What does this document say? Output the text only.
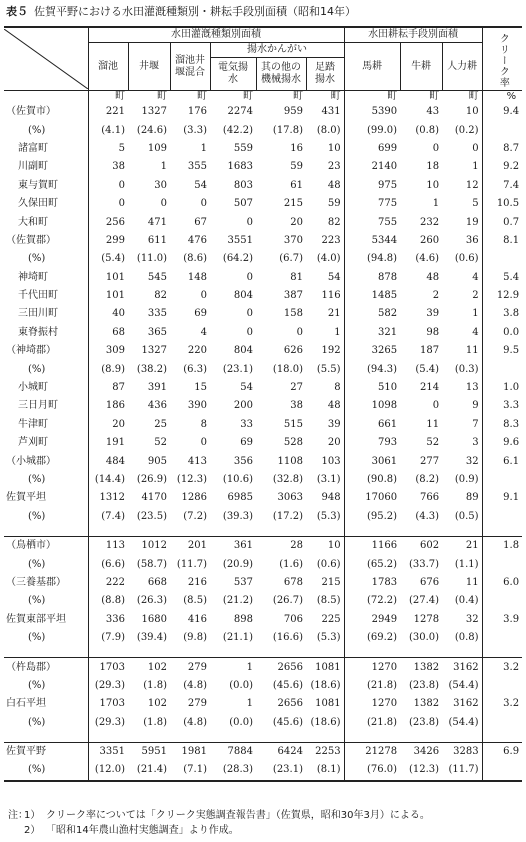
表５ 佐賀平野における水田灌漑種類別・耕耘手段別面積（昭和14年）
	水田灌漑種類別面積						水田耕耘手段別面積			クリーク率
	溜池	井堰	溜池井堰混合	揚水かんがい			馬耕	牛耕	人力耕	
				電気揚水	其の他の機械揚水	足踏揚水				
	町	町	町	町	町	町	町	町	町	%
（佐賀市）	221	1327	176	2274	959	431	5390	43	10	9.4
(%)	(4.1)	(24.6)	(3.3)	(42.2)	(17.8)	(8.0)	(99.0)	(0.8)	(0.2)	
諸富町	5	109	1	559	16	10	699	0	0	8.7
川副町	38	1	355	1683	59	23	2140	18	1	9.2
東与賀町	0	30	54	803	61	48	975	10	12	7.4
久保田町	0	0	0	507	215	59	775	1	5	10.5
大和町	256	471	67	0	20	82	755	232	19	0.7
（佐賀郡）	299	611	476	3551	370	223	5344	260	36	8.1
(%)	(5.4)	(11.0)	(8.6)	(64.2)	(6.7)	(4.0)	(94.8)	(4.6)	(0.6)	
神埼町	101	545	148	0	81	54	878	48	4	5.4
千代田町	101	82	0	804	387	116	1485	2	2	12.9
三田川町	40	335	69	0	158	21	582	39	1	3.8
東脊振村	68	365	4	0	0	1	321	98	4	0.0
（神埼郡）	309	1327	220	804	626	192	3265	187	11	9.5
(%)	(8.9)	(38.2)	(6.3)	(23.1)	(18.0)	(5.5)	(94.3)	(5.4)	(0.3)	
小城町	87	391	15	54	27	8	510	214	13	1.0
三日月町	186	436	390	200	38	48	1098	0	9	3.3
牛津町	20	25	8	33	515	39	661	11	7	8.3
芦刈町	191	52	0	69	528	20	793	52	3	9.6
（小城郡）	484	905	413	356	1108	103	3061	277	32	6.1
(%)	(14.4)	(26.9)	(12.3)	(10.6)	(32.8)	(3.1)	(90.8)	(8.2)	(0.9)	
佐賀平坦	1312	4170	1286	6985	3063	948	17060	766	89	9.1
(%)	(7.4)	(23.5)	(7.2)	(39.3)	(17.2)	(5.3)	(95.2)	(4.3)	(0.5)	

（鳥栖市）	113	1012	201	361	28	10	1166	602	21	1.8
(%)	(6.6)	(58.7)	(11.7)	(20.9)	(1.6)	(0.6)	(65.2)	(33.7)	(1.1)	
（三養基郡）	222	668	216	537	678	215	1783	676	11	6.0
(%)	(8.8)	(26.3)	(8.5)	(21.2)	(26.7)	(8.5)	(72.2)	(27.4)	(0.4)	
佐賀東部平坦	336	1680	416	898	706	225	2949	1278	32	3.9
(%)	(7.9)	(39.4)	(9.8)	(21.1)	(16.6)	(5.3)	(69.2)	(30.0)	(0.8)	

（杵島郡）	1703	102	279	1	2656	1081	1270	1382	3162	3.2
(%)	(29.3)	(1.8)	(4.8)	(0.0)	(45.6)	(18.6)	(21.8)	(23.8)	(54.4)	
白石平坦	1703	102	279	1	2656	1081	1270	1382	3162	3.2
(%)	(29.3)	(1.8)	(4.8)	(0.0)	(45.6)	(18.6)	(21.8)	(23.8)	(54.4)	

佐賀平野	3351	5951	1981	7884	6424	2253	21278	3426	3283	6.9
(%)	(12.0)	(21.4)	(7.1)	(28.3)	(23.1)	(8.1)	(76.0)	(12.3)	(11.7)	
注：1） クリーク率については「クリーク実態調査報告書」（佐賀県，昭和30年3月）による。
2） 「昭和14年農山漁村実態調査」より作成。
